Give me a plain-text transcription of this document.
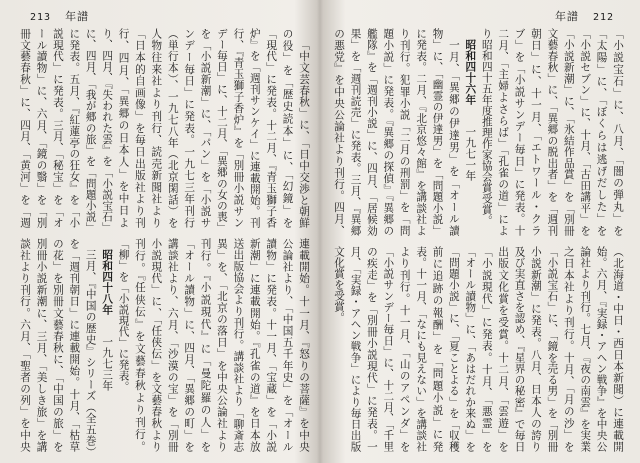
213 年譜

「中文芸春秋」に、「日中交渉と朝鮮の役」を「歴史読本」に、「幻鏡」を「現代」に発表。十二月、『青玉獅子香炉』を「週刊サンケイ」に連載開始。刊行、『青玉獅子香炉』を「別冊小説サンデー毎日」に、十二月、「異郷の女の喪」を「小説新潮」に、「パン」を「小説サンデー毎日」に発表。一九七三年刊行（単行本）、一九七八年（北京閑話）を人物往来社より刊行、読売新聞社より「日本的自画像」を毎日出版社より刊行、四月、「異郷の日本人」を中日より、四月、『失われた雲』を「小説宝石」に、四月、「我が郷の旅」を「問題小説」に発表。五月、『紅蓮亭の狂女』を「小説現代」に発表。三月、「秘宝」を「オール讀物」に、六月、「鏡の翳」を「別冊文藝春秋」に、四月、「黄河」を「週

連載開始。十一月、『怒りの菩薩』を中央公論社より、「中国五千年史」を「オール讀物」に発表。十一月、「宝蔵」を「小説新潮」に連載開始。『孔雀の道』を日本放送出版協会より刊行。講談社より「聊斎志異」を、「北京の落日」を中央公論社より刊行。『小説現代』に「曼陀羅の人」を「オール讀物」に、四月、「異郷の町」を講談社より、六月、「沙漠の宝」を「別冊小説現代」に、「任侠伝」を文藝春秋より刊行。『任侠伝』を文藝春秋より刊行。「柳」を「小説現代」に発表。

昭和四十八年一九七三年

三月、『中国の歴史』シリーズ（全五巻）を「週刊朝日」に連載開始。十月、「枯草の花」を別冊文藝春秋に、「中国の旅」を別冊小説新潮に、三月、「美しき旅」を講談社より刊行。六月、「聖者の列」を中央

年譜 212

「小説宝石」に、八月、「闇の弾丸」を「太陽」に、「ぼくらは逃げだした」を「小説セブン」に、十月、「古田講平」を「小説新潮」に、「氷結作品賞」を「別冊文藝春秋」に、「異郷の脱出者」を「週刊朝日」に、十一月、「エトワール・クラブ」を「小説サンデー毎日」に発表。十二月、「主婦よさらば」「孔雀の道」により昭和四十五年度推理作家協会賞受賞。

昭和四十六年一九七一年

一月、「異郷の伊達男」を「オール讀物」に、「幽霊の伊達男」を「問題小説」に発表。二月、『北京悠々館』を講談社より刊行。犯罪小説「二月の刑罰」を「問題小説」に発表。『異郷の探偵』『異郷の艦隊』を「週刊小説」に、四月、「居候効果」を「週刊読売」に発表。三月、『異郷の悪党』を中央公論社より刊行。四月、

（北海道・中日・西日本新聞）に連載開始。六月、『実録・アヘン戦争』を中央公論社より刊行。七月、『夜の南雲』を実業之日本社より刊行。十月、「月の沙」を「小説宝石」に、「鏡を売る男」を「別冊小説新潮」に発表。八月、日本人の誇り及び実直さを認め、『星界の秘密』で毎日出版文化賞を受賞。十二月、「雲遊」を「小説現代」に発表。十月、「悪霊」を「オール讀物」に、「あはだれか来ぬ」を「問題小説」に、「夏ことよる」を「収穫前に追跡の報酬」を「問題小説」に発表。十一月、「なにも見えない」を講談社より刊行。十一月、「山のアペンダ」を「小説サンデー毎日」に、十二月、「千里の疾走」を「別冊小説現代」に発表。一月、「実録・アヘン戦争」により毎日出版文化賞を受賞。
